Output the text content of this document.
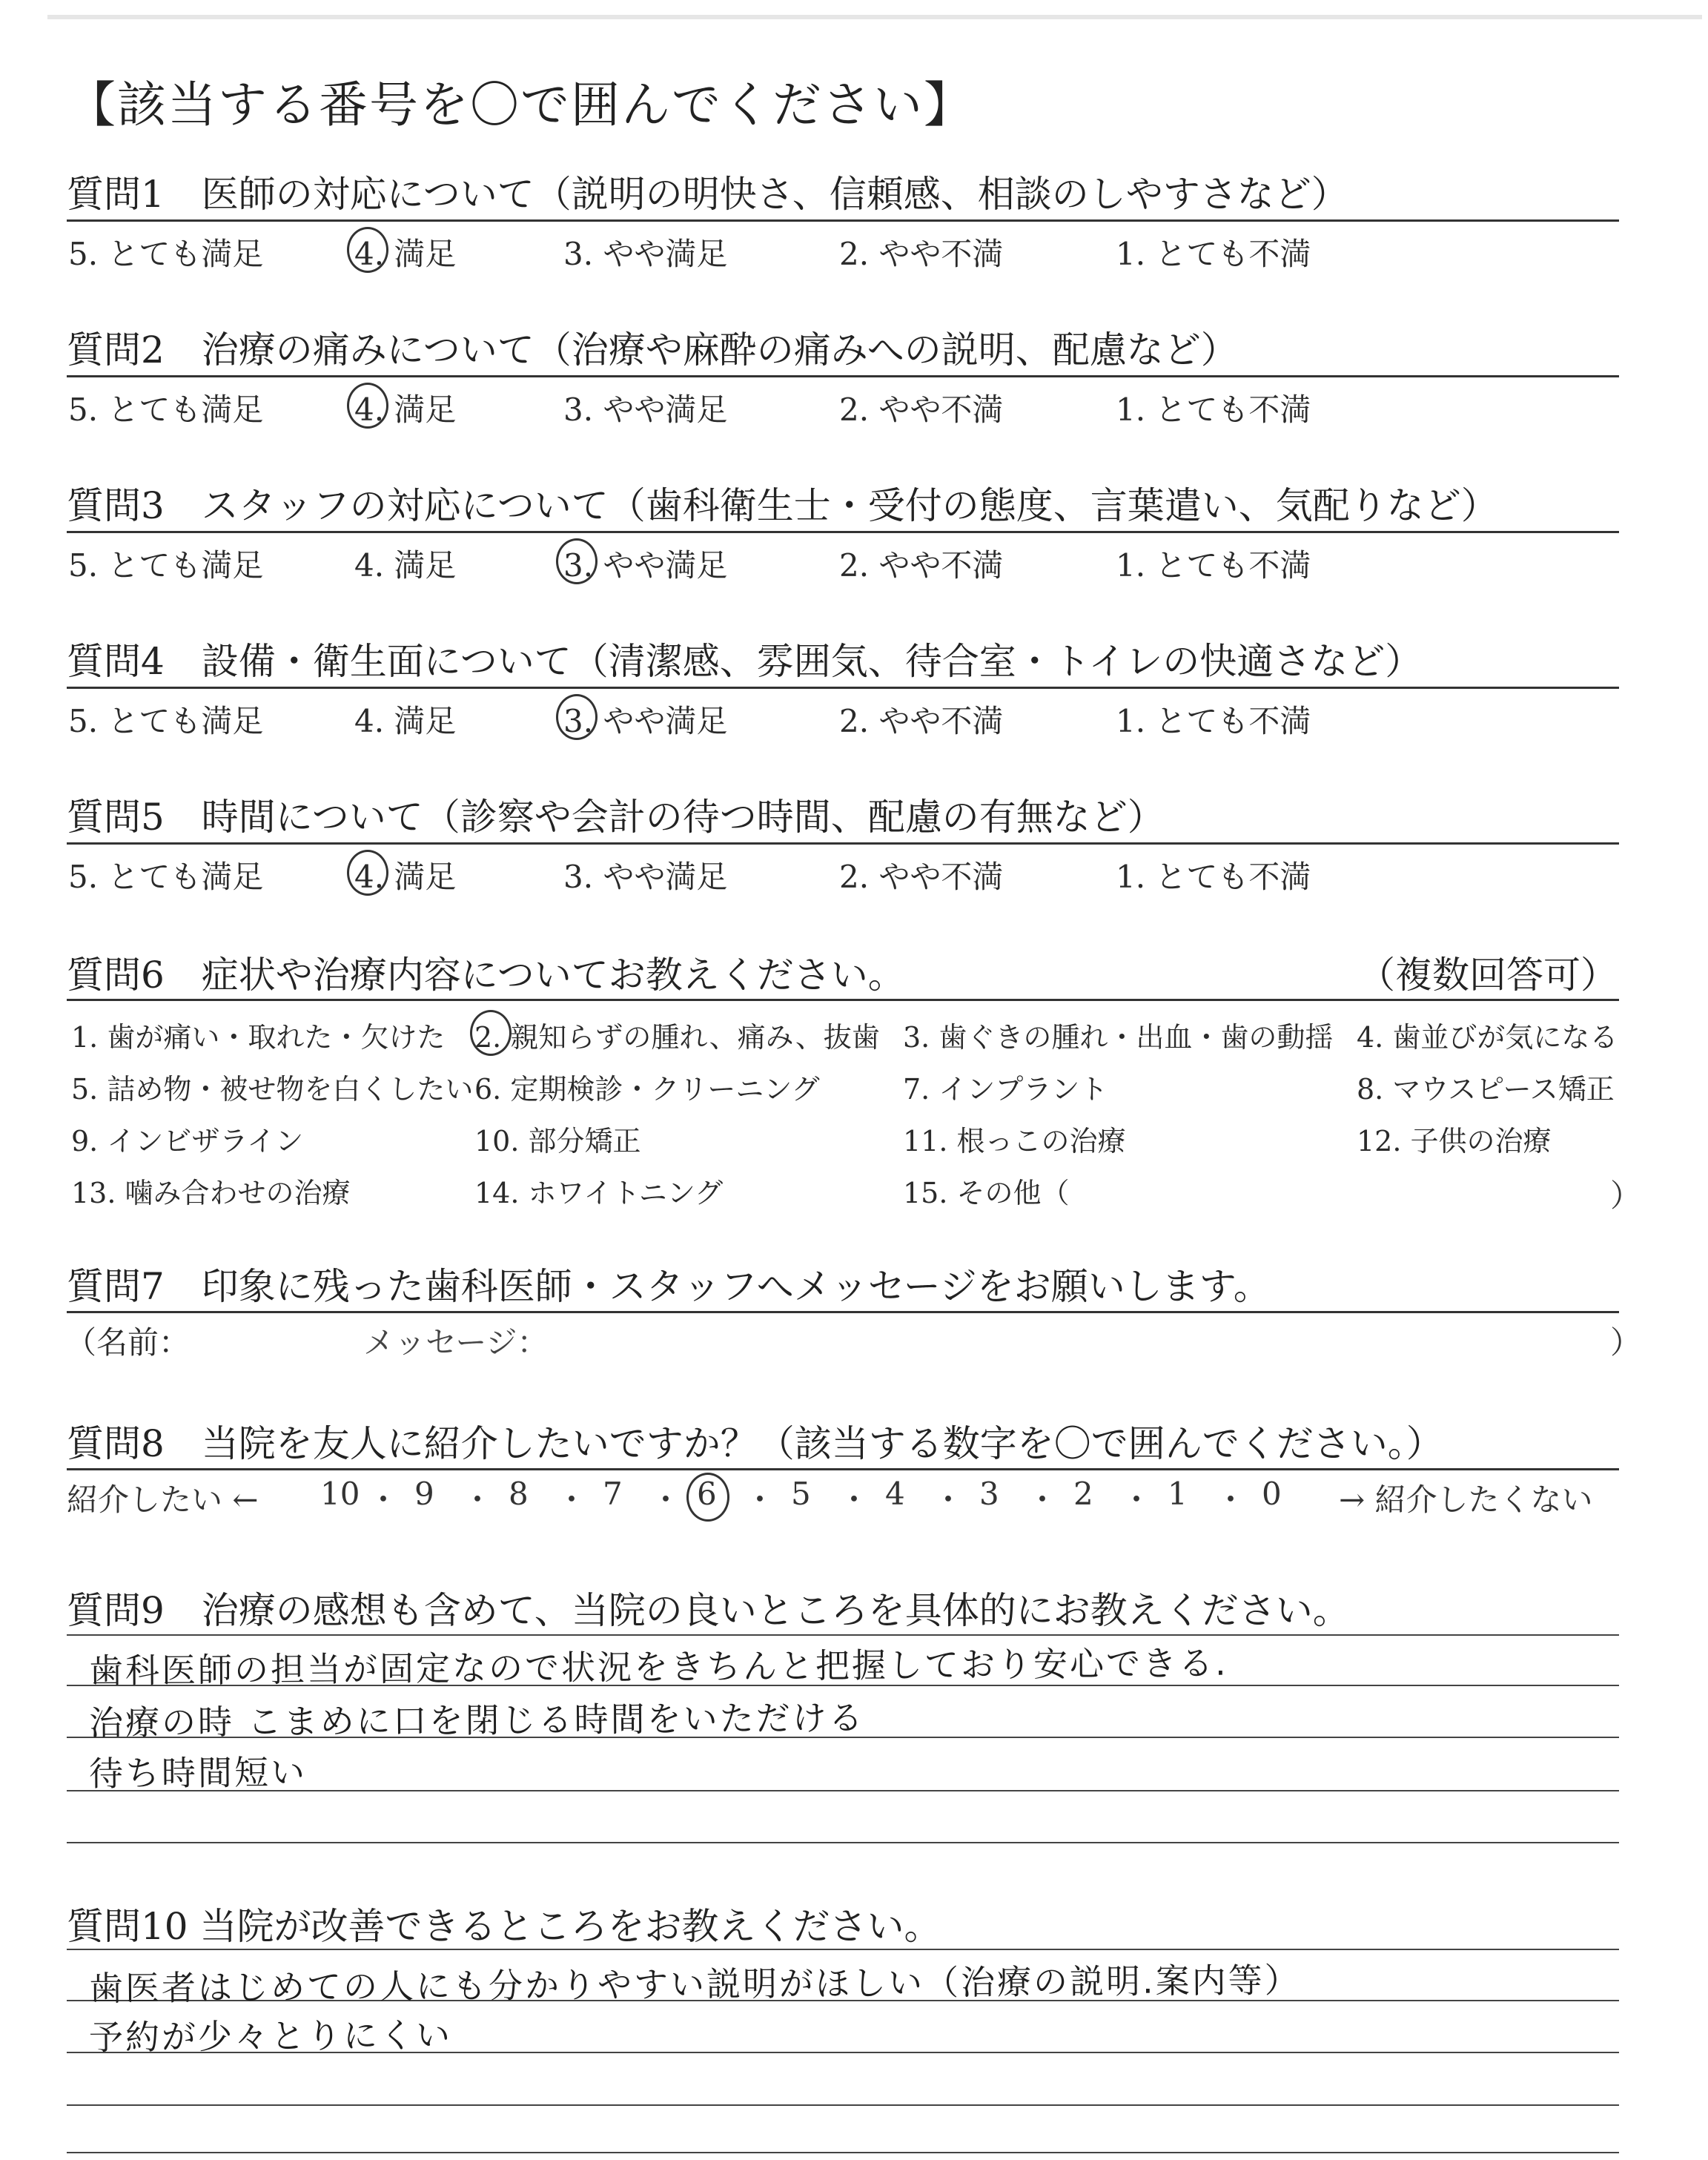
【該当する番号を〇で囲んでください】
質問1　医師の対応について（説明の明快さ、信頼感、相談のしやすさなど）
5. とても満足	4. 満足	3. やや満足	2. やや不満	1. とても不満
質問2　治療の痛みについて（治療や麻酔の痛みへの説明、配慮など）
5. とても満足	4. 満足	3. やや満足	2. やや不満	1. とても不満
質問3　スタッフの対応について（歯科衛生士・受付の態度、言葉遣い、気配りなど）
5. とても満足	4. 満足	3. やや満足	2. やや不満	1. とても不満
質問4　設備・衛生面について（清潔感、雰囲気、待合室・トイレの快適さなど）
5. とても満足	4. 満足	3. やや満足	2. やや不満	1. とても不満
質問5　時間について（診察や会計の待つ時間、配慮の有無など）
5. とても満足	4. 満足	3. やや満足	2. やや不満	1. とても不満
質問6　症状や治療内容についてお教えください。	（複数回答可）
1. 歯が痛い・取れた・欠けた 2. 親知らずの腫れ、痛み、抜歯 3. 歯ぐきの腫れ・出血・歯の動揺 4. 歯並びが気になる
5. 詰め物・被せ物を白くしたい 6. 定期検診・クリーニング	7. インプラント	8. マウスピース矯正
9. インビザライン	10. 部分矯正	11. 根っこの治療	12. 子供の治療
13. 噛み合わせの治療	14. ホワイトニング	15. その他（	）
質問7　印象に残った歯科医師・スタッフへメッセージをお願いします。
（名前：	メッセージ：	）
質問8　当院を友人に紹介したいですか？（該当する数字を〇で囲んでください。）
紹介したい ← 10 ・ 9 ・ 8 ・ 7 ・ 6 ・ 5 ・ 4 ・ 3 ・ 2 ・ 1 ・ 0 → 紹介したくない
質問9　治療の感想も含めて、当院の良いところを具体的にお教えください。
歯科医師の担当が固定なので状況をきちんと把握しており安心できる.
治療の時 こまめに口を閉じる時間をいただける
待ち時間短い
質問10 当院が改善できるところをお教えください。
歯医者はじめての人にも分かりやすい説明がほしい（治療の説明.案内等）
予約が少々とりにくい
